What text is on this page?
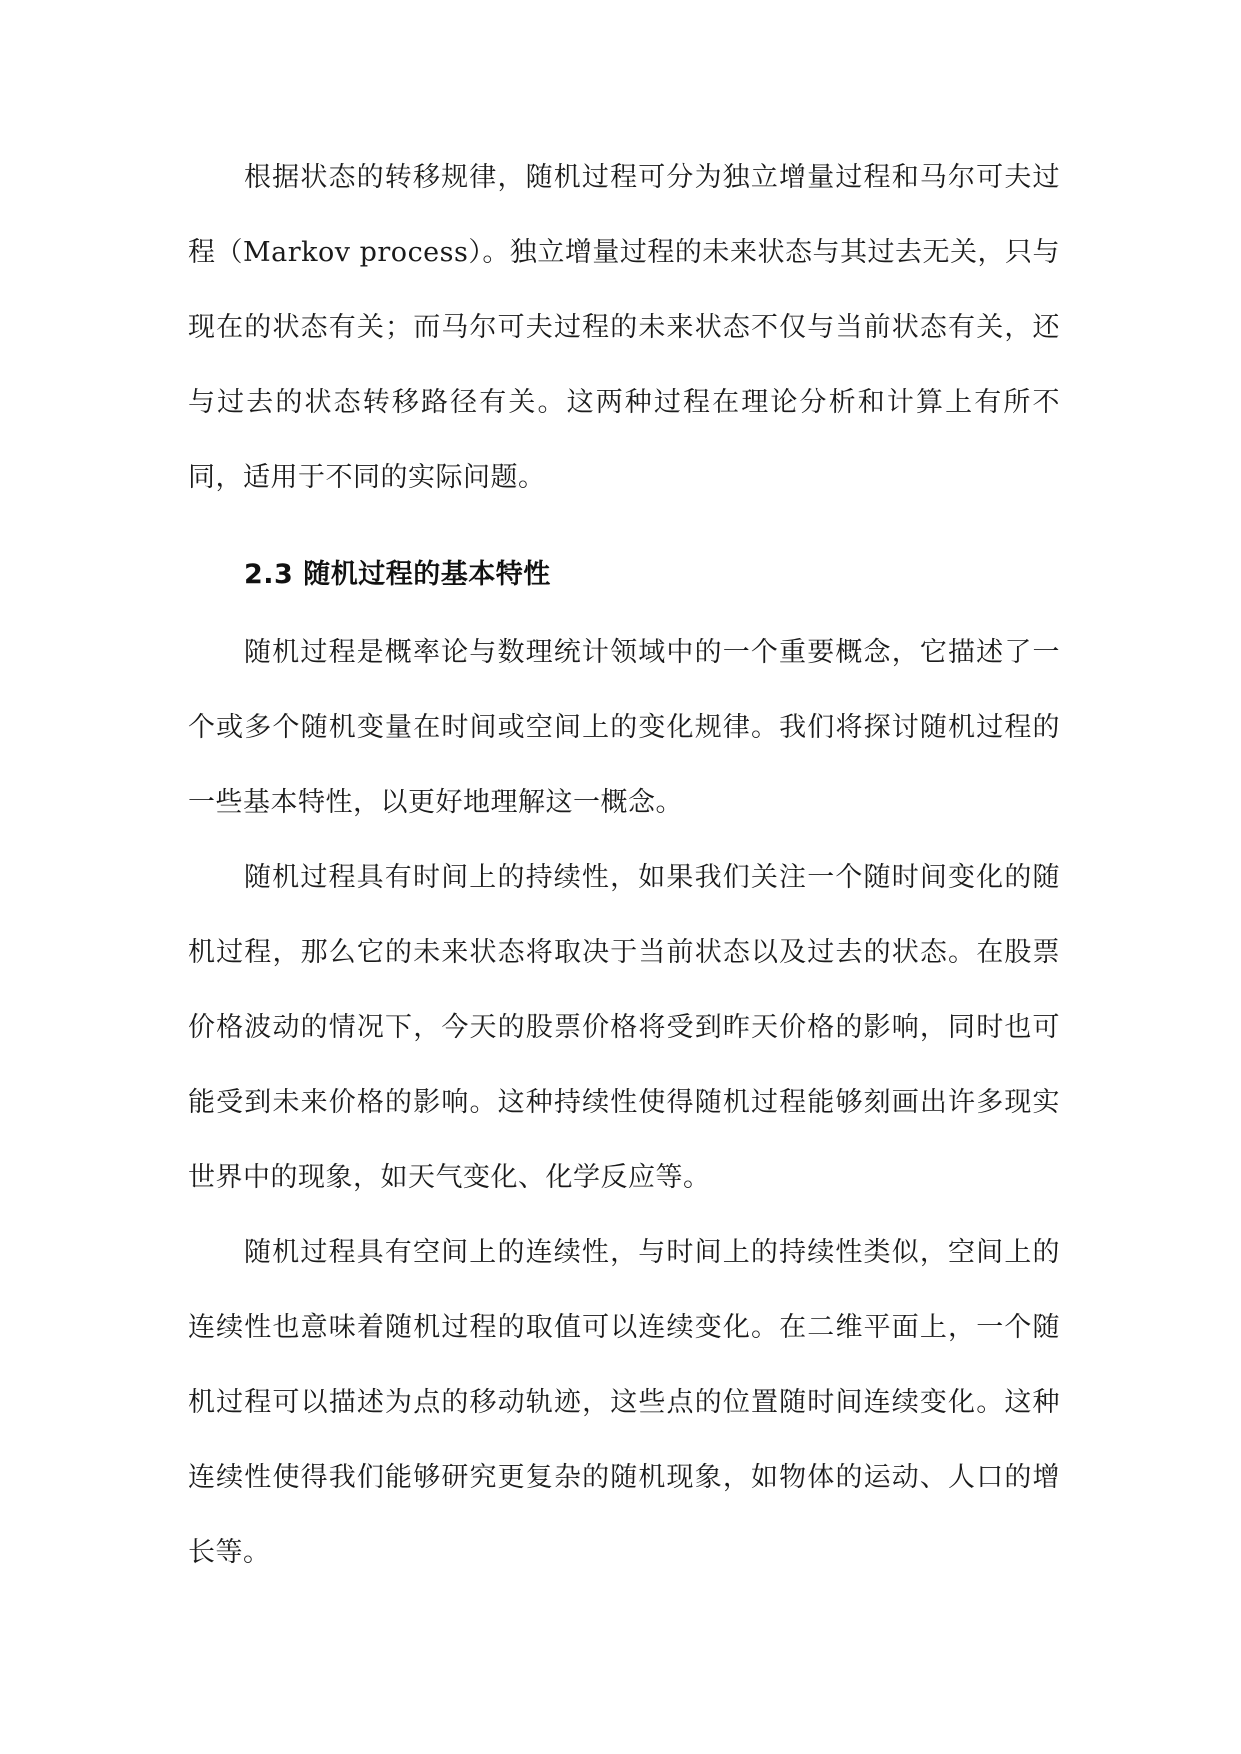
根据状态的转移规律，随机过程可分为独立增量过程和马尔可夫过程（Markov process）。独立增量过程的未来状态与其过去无关，只与现在的状态有关；而马尔可夫过程的未来状态不仅与当前状态有关，还与过去的状态转移路径有关。这两种过程在理论分析和计算上有所不同，适用于不同的实际问题。

2.3 随机过程的基本特性

随机过程是概率论与数理统计领域中的一个重要概念，它描述了一个或多个随机变量在时间或空间上的变化规律。我们将探讨随机过程的一些基本特性，以更好地理解这一概念。

随机过程具有时间上的持续性，如果我们关注一个随时间变化的随机过程，那么它的未来状态将取决于当前状态以及过去的状态。在股票价格波动的情况下，今天的股票价格将受到昨天价格的影响，同时也可能受到未来价格的影响。这种持续性使得随机过程能够刻画出许多现实世界中的现象，如天气变化、化学反应等。

随机过程具有空间上的连续性，与时间上的持续性类似，空间上的连续性也意味着随机过程的取值可以连续变化。在二维平面上，一个随机过程可以描述为点的移动轨迹，这些点的位置随时间连续变化。这种连续性使得我们能够研究更复杂的随机现象，如物体的运动、人口的增长等。
